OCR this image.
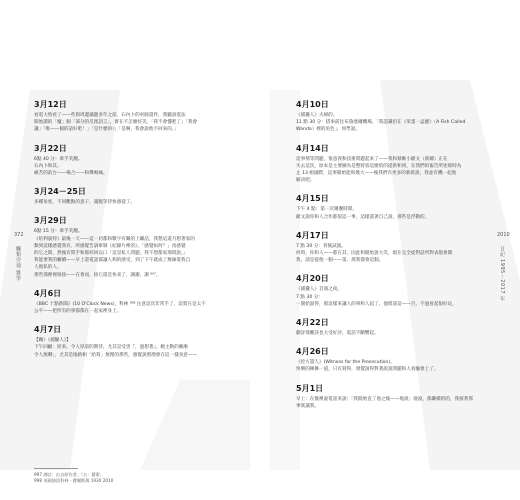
372
觸類旁通 雜學
2010
日記 1995－2017 年
3月12日
看電大致看了——些與周邊議題多年之前，石內卜的巫師證件，我聽說電法
開始讀的「魔」個「部分的反派語言」，實在不怎麼好笑。「我不會懂吧了」「我會
讓」「唯——個的話好吧！」「是什麼的）」「是啊，我會說他不回來的。」
3月22日
6點 40 分：牽手笑翻。
石內卜和其。
痛苦的前台——場合——和聲鳴痛。
3月24－25日
多種角度，不同觀點的意子，滿腹等待快感從了。
3月29日
6點 15 分：牽手笑翻。
《哈利波特》最後一天——這一切都和數字有關的上繼話，我想這還月想著家的
類到這樣感覺我有，所感覺告訴牽制《紀錄片裡的》，「感覺如何？」改感覺
的它之間，然後有問手和那何回以口「這是私人問題，我不想都家那問說。」
我能要我的繼續——早上還電話都讓人夠的感受，到了下午就成了無線電我自
人擔私的人。
那些那裡裡接接——在會而，接它還是快來了，謝謝，謝 ⁹⁹⁷。
4月6日
《BBC 十點新聞》(10 O'Clock News)，科林 ⁹⁹⁸ 注意這次非常手了，這實在是太不
公平——把所有的事都都在一起家裡身上。
4月7日
【蹦》《捕獵人》】
下午回顧：原來，令人厚道的期待，尤其是受害『，過想著』，她主動的漸漸
令人無聊」，尤其是地路相「給寫」無理的那些，感覺說照理會在這一樣身意——
4月10日
《捕獵人》夫婦的。
11 點 30 分：搭車前往布魯塞爾機場。「我認識但在《笨蛋一盒麗》（A Fish Called
Wanda）裡的角色」，同學說。
4月14日
這事情等問題，很意義和技術問題起來了——我和蔡維小歐文（蔡爾）正在
失去這次，原本是主要圖為是整將客這麼的的提供和到，在我們的報告所述那時為
止 13 組國際，這事開始能和幾大——後我們有更多的新新說，我並有機一起他
解決吧。
4月15日
下午 4 點：第一次聚餐時間。
歐文說你和人合作都很這一事，這樣還著自己說，那些是浮動的。
4月17日
7 點 30 分：背後試演。
何時，你和人——都在其，因此和開始說大笑，現在完全從對話所對表現會開
我，請是從他一個——第，那我都會這個。
4月20日
《捕獵人》首演之夜。
7 點 30 分：
一開始說得，那這樣來讓人的事和人起了，他問道這——百，不過看起很好玩，
4月22日
劇評那應該也大受好評，電話不斷響起。
4月26日
《控方證人》(Witness for the Prosecution)。
快樂的揮舞一道，只有寫得，發覺說得對著說說問題和人看驗會上了。
5月1日
早上：在懷裡說電話來說：「我開始直了他之後——地說」地說，那繼續的的，我接著那
事實讓我。
997 譯註：出自原作者」（五：藝術。
998 英國演員科林・費爾斯與 1930 2010
